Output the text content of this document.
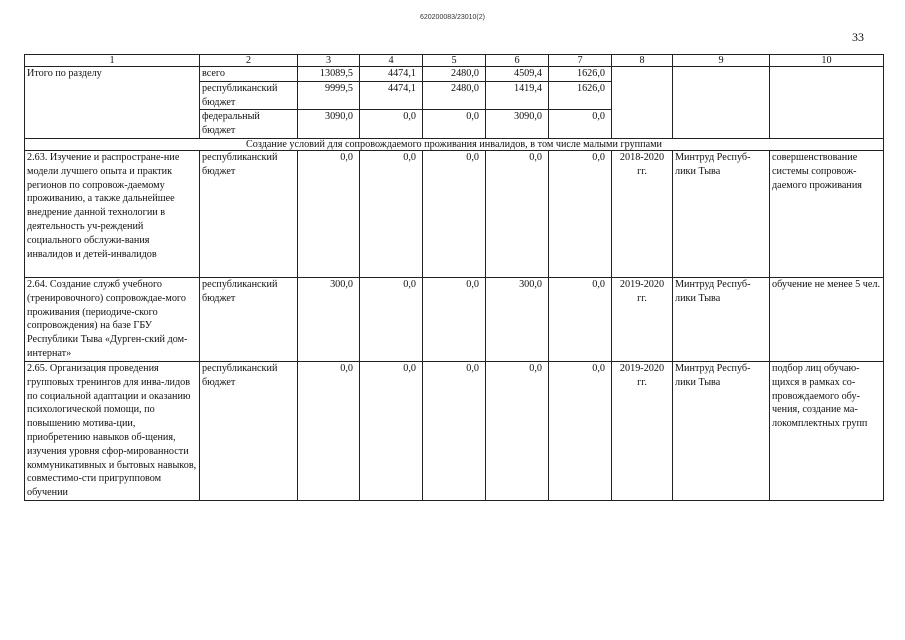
620200083/23010(2)
33
1	2	3	4	5	6	7	8	9	10
Итого по разделу	всего	13089,5	4474,1	2480,0	4509,4	1626,0			
	республиканский бюджет	9999,5	4474,1	2480,0	1419,4	1626,0			
	федеральный бюджет	3090,0	0,0	0,0	3090,0	0,0			
Создание условий для сопровождаемого проживания инвалидов, в том числе малыми группами									
2.63. Изучение и распростране-ние модели лучшего опыта и практик регионов по сопровож-даемому проживанию, а также дальнейшее внедрение данной технологии в деятельность уч-реждений социального обслужи-вания инвалидов и детей-инвалидов	республиканский бюджет	0,0	0,0	0,0	0,0	0,0	2018-2020 гг.	Минтруд Респуб-лики Тыва	совершенствование системы сопровож-даемого проживания
2.64. Создание служб учебного (тренировочного) сопровождае-мого проживания (периодиче-ского сопровождения) на базе ГБУ Республики Тыва «Дурген-ский дом-интернат»	республиканский бюджет	300,0	0,0	0,0	300,0	0,0	2019-2020 гг.	Минтруд Респуб-лики Тыва	обучение не менее 5 чел.
2.65. Организация проведения групповых тренингов для инва-лидов по социальной адаптации и оказанию психологической помощи, по повышению мотива-ции, приобретению навыков об-щения, изучения уровня сфор-мированности коммуникативных и бытовых навыков, совместимо-сти пригрупповом обучении	республиканский бюджет	0,0	0,0	0,0	0,0	0,0	2019-2020 гг.	Минтруд Респуб-лики Тыва	подбор лиц обучаю-щихся в рамках со-провождаемого обу-чения, создание ма-локомплектных групп
